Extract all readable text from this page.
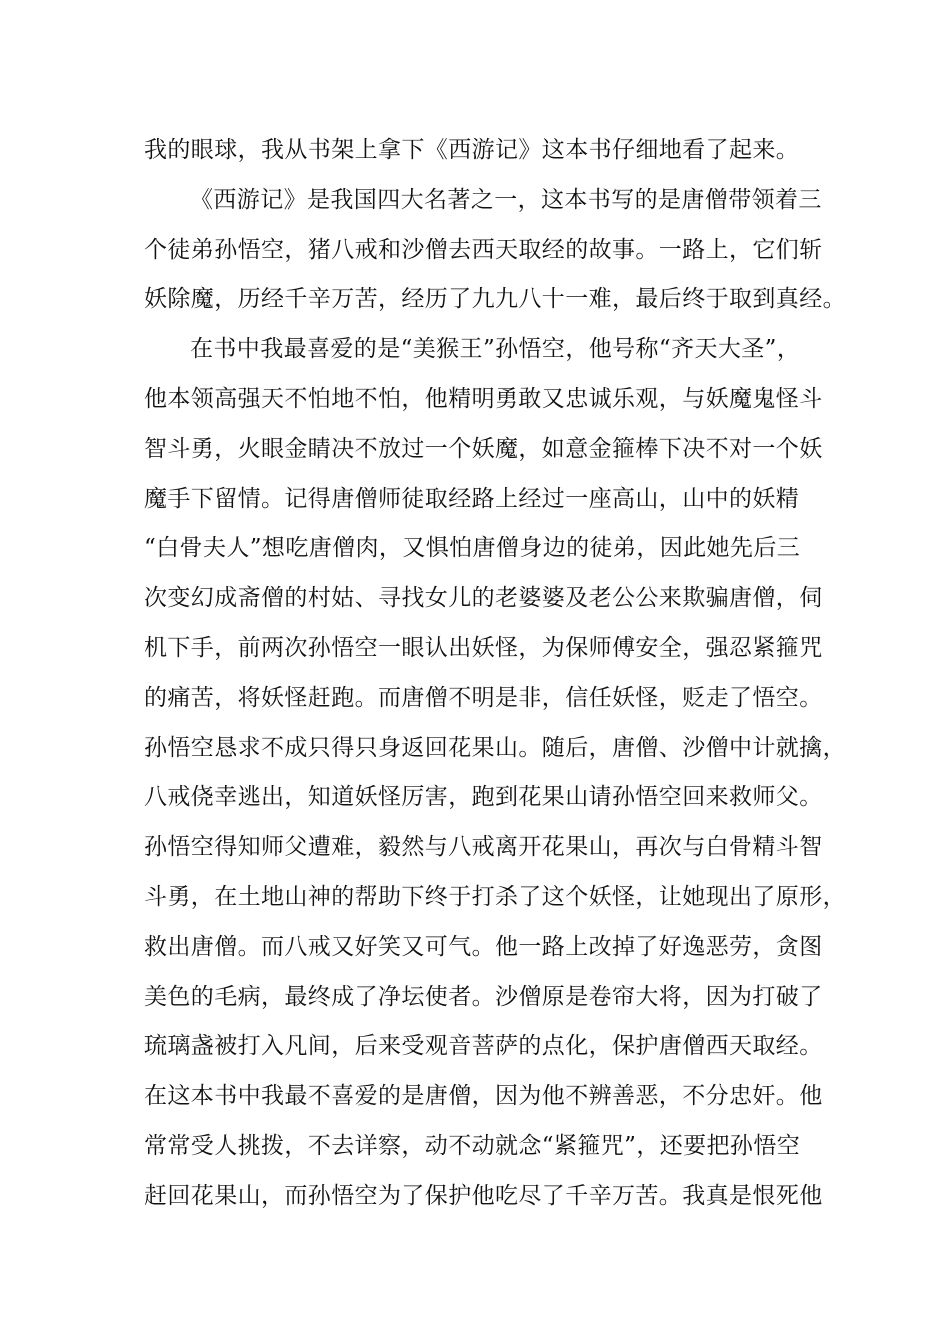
我的眼球，我从书架上拿下《西游记》这本书仔细地看了起来。
《西游记》是我国四大名著之一，这本书写的是唐僧带领着三
个徒弟孙悟空，猪八戒和沙僧去西天取经的故事。一路上，它们斩
妖除魔，历经千辛万苦，经历了九九八十一难，最后终于取到真经。
在书中我最喜爱的是“美猴王”孙悟空，他号称“齐天大圣”，
他本领高强天不怕地不怕，他精明勇敢又忠诚乐观，与妖魔鬼怪斗
智斗勇，火眼金睛决不放过一个妖魔，如意金箍棒下决不对一个妖
魔手下留情。记得唐僧师徒取经路上经过一座高山，山中的妖精
“白骨夫人”想吃唐僧肉，又惧怕唐僧身边的徒弟，因此她先后三
次变幻成斋僧的村姑、寻找女儿的老婆婆及老公公来欺骗唐僧，伺
机下手，前两次孙悟空一眼认出妖怪，为保师傅安全，强忍紧箍咒
的痛苦，将妖怪赶跑。而唐僧不明是非，信任妖怪，贬走了悟空。
孙悟空恳求不成只得只身返回花果山。随后，唐僧、沙僧中计就擒，
八戒侥幸逃出，知道妖怪厉害，跑到花果山请孙悟空回来救师父。
孙悟空得知师父遭难，毅然与八戒离开花果山，再次与白骨精斗智
斗勇，在土地山神的帮助下终于打杀了这个妖怪，让她现出了原形，
救出唐僧。而八戒又好笑又可气。他一路上改掉了好逸恶劳，贪图
美色的毛病，最终成了净坛使者。沙僧原是卷帘大将，因为打破了
琉璃盏被打入凡间，后来受观音菩萨的点化，保护唐僧西天取经。
在这本书中我最不喜爱的是唐僧，因为他不辨善恶，不分忠奸。他
常常受人挑拨，不去详察，动不动就念“紧箍咒”，还要把孙悟空
赶回花果山，而孙悟空为了保护他吃尽了千辛万苦。我真是恨死他
